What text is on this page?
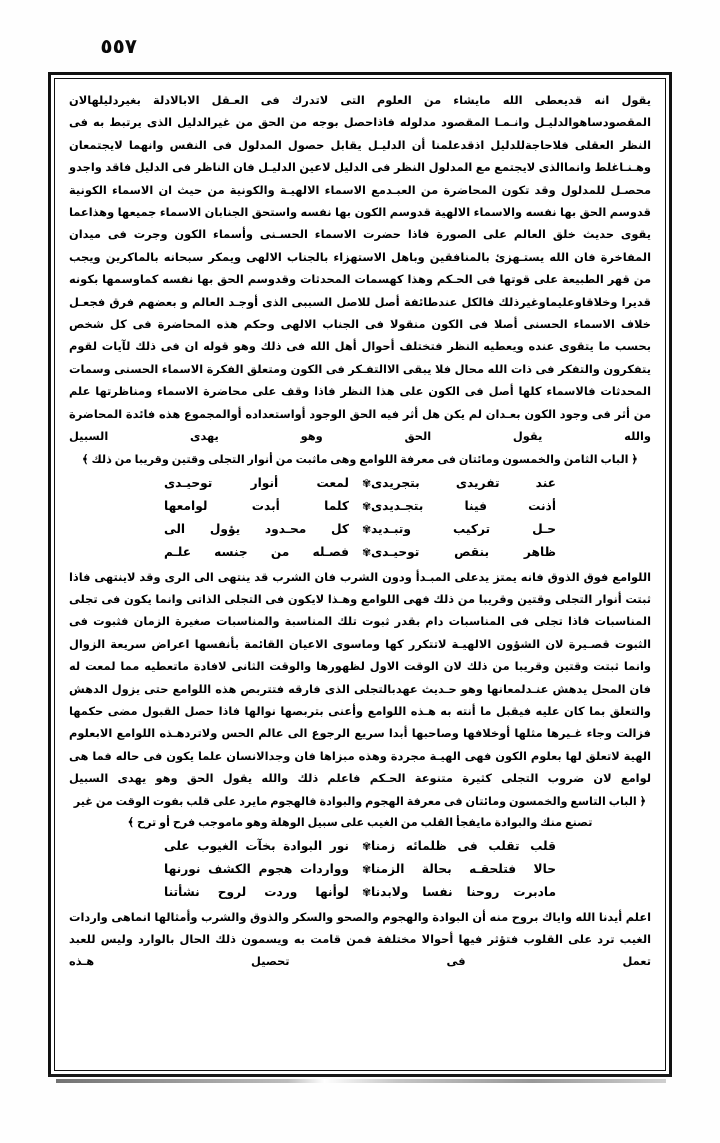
٥٥٧

يقول انه قديعطى الله مايشاء من العلوم التى لاتدرك فى العـقل الابالادلة بغيردليلهالان المقصودساهوالدليـل وانـمـا المقصود مدلوله فاذاحصل بوجه من الحق من غيرالدليل الذى يرتبط به فى النظر العقلى فلاحاجةللدليل اذقدعلمنا أن الدليـل يقابل حصول المدلول فى النفس وانهما لايجتمعان وهـنـاغلط وانماالذى لايجتمع مع المدلول النظر فى الدليل لاعين الدليـل فان الناظر فى الدليل فاقد واجدو محصـل للمدلول وقد تكون المحاضرة من العبـدمع الاسماء الالهيـة والكونية من حيث ان الاسماء الكونية قدوسم الحق بها نفسه والاسماء الالهية قدوسم الكون بها نفسه واستحق الجنابان الاسماء جميعها وهذاعما يقوى حديث خلق العالم على الصورة فاذا حضرت الاسماء الحسـنى وأسماء الكون وجرت فى ميدان المفاخرة فان الله يستـهزئ بالمنافقين وباهل الاستهزاء بالجناب الالهى ويمكر سبحانه بالماكرين ويجب من قهر الطبيعة على قوتها فى الحـكم وهذا كهسمات المحدثات وقدوسم الحق بها نفسه كماوسمها بكونه قديرا وخلاقاوعليماوغيرذلك فالكل عندطائفة أصل للاصل السببى الذى أوجـد العالم و بعضهم فرق فجعـل خلاف الاسماء الحسنى أصلا فى الكون منقولا فى الجناب الالهى وحكم هذه المحاضرة فى كل شخص بحسب ما يتقوى عنده ويعطيه النظر فتختلف أحوال أهل الله فى ذلك وهو قوله ان فى ذلك لآيات لقوم يتفكرون والتفكر فى ذات الله محال فلا يبقى الاالتفـكر فى الكون ومتعلق الفكرة الاسماء الحسنى وسمات المحدثات فالاسماء كلها أصل فى الكون على هذا النظر فاذا وقف على محاضرة الاسماء ومناظرتها علم من أثر فى وجود الكون بعـدان لم يكن هل أثر فيه الحق الوجود أواستعداده أوالمجموع هذه فائدة المحاضرة والله يقول الحق وهو يهدى السبيل

﴿ الباب الثامن والخمسون ومائتان فى معرفة اللوامع وهى ماثبت من أنوار التجلى وقتين وقريبا من ذلك ﴾
عند تفريدى بتجريدى
✾
لمعت أنوار توحيـدى
أذنت فينا بتجـديدى
✾
كلما أبدت لوامعها
حـل تركيب وتبـديد
✾
كل محـدود يؤول الى
ظاهر بنقص توحيـدى
✾
فصـله من جنسه علـم

اللوامع فوق الذوق فانه يمتز يدعلى المبـدأ ودون الشرب فان الشرب قد ينتهى الى الرى وقد لاينتهى فاذا ثبتت أنوار التجلى وقتين وقريبا من ذلك فهى اللوامع وهـذا لايكون فى التجلى الذاتى وانما يكون فى تجلى المناسبات فاذا تجلى فى المناسبات دام بقدر ثبوت تلك المناسبة والمناسبات صغيرة الزمان فثبوت فى الثبوت قصـيرة لان الشؤون الالهيـة لاتتكرر كها وماسوى الاعيان القائمة بأنفسها اعراض سريعة الزوال وانما ثبتت وقتين وقريبا من ذلك لان الوقت الاول لظهورها والوقت الثانى لافادة ماتعطيه مما لمعت له فان المحل يدهش عنـدلمعانها وهو حـديث عهدبالتجلى الذى فارقه فتتربص هذه اللوامع حتى يزول الدهش والتعلق بما كان عليه فيقبل ما أنته به هـذه اللوامع وأعنى بتربصها نوالها فاذا حصل القبول مضى حكمها فزالت وجاء غـيرها مثلها أوخلافها وصاحبها أبدا سريع الرجوع الى عالم الحس ولاتردهـذه اللوامع الابعلوم الهية لاتعلق لها بعلوم الكون فهى الهيـة مجردة وهذه مبزاها فان وجدالانسان علما يكون فى حاله فما هى لوامع لان ضروب التجلى كثيرة متنوعة الحـكم فاعلم ذلك والله يقول الحق وهو يهدى السبيل

﴿ الباب التاسع والخمسون ومائتان فى معرفة الهجوم والبوادة فالهجوم مايرد على قلب بفوت الوقت من غير تصنع منك والبوادة مايفجأ القلب من الغيب على سبيل الوهلة وهو ماموجب فرح أو ترح ﴾
قلب تقلب فى ظلمائه زمنا
✾
نور البوادة بخآت الغيوب على
حالا فتلحقـه بحالة الزمنا
✾
وواردات هجوم الكشف نورنها
مادبرت روحنا نفسا ولابدنا
✾
لوأنها وردت لروح نشأتنا

اعلم أيدنا الله واياك بروح منه أن البوادة والهجوم والصحو والسكر والذوق والشرب وأمثالها انماهى واردات الغيب ترد على القلوب فتؤثر فيها أحوالا مختلفة فمن قامت به ويسمون ذلك الحال بالوارد وليس للعبد تعمل فى تحصيل هـذه
